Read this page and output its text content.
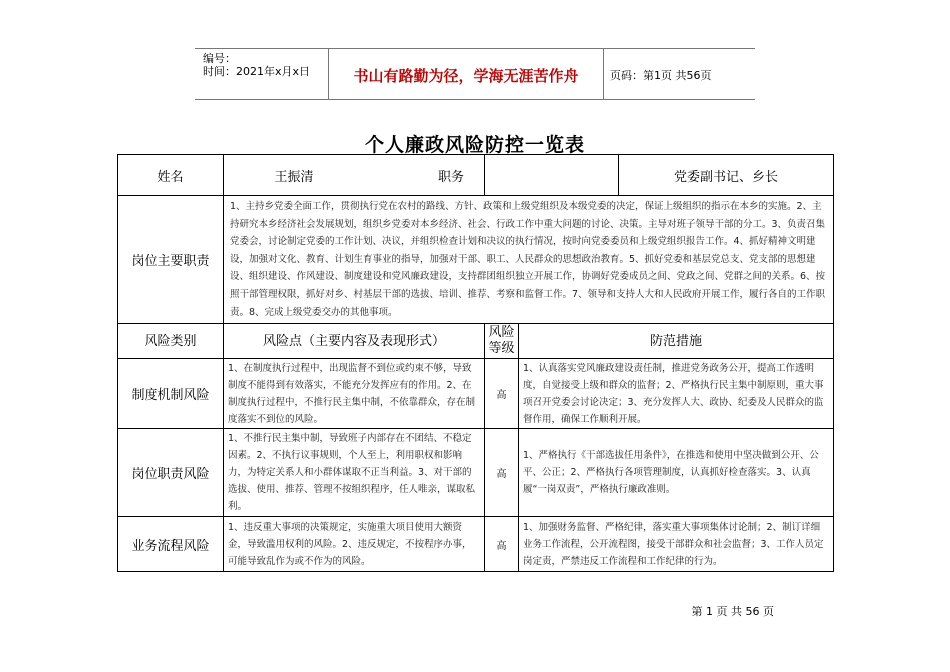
编号：
时间：2021年x月x日	书山有路勤为径，学海无涯苦作舟	页码：第1页 共56页
个人廉政风险防控一览表
姓名	王振清	职务		党委副书记、乡长
岗位主要职责	1、主持乡党委全面工作，贯彻执行党在农村的路线、方针、政策和上级党组织及本级党委的决定，保证上级组织的指示在本乡的实施。2、主持研究本乡经济社会发展规划，组织乡党委对本乡经济、社会、行政工作中重大问题的讨论、决策。主导对班子领导干部的分工。3、负责召集党委会，讨论制定党委的工作计划、决议，并组织检查计划和决议的执行情况，按时向党委委员和上级党组织报告工作。4、抓好精神文明建设，加强对文化、教育、计划生育事业的指导，加强对干部、职工、人民群众的思想政治教育。5、抓好党委和基层党总支、党支部的思想建设、组织建设、作风建设、制度建设和党风廉政建设，支持群团组织独立开展工作，协调好党委成员之间、党政之间、党群之间的关系。6、按照干部管理权限，抓好对乡、村基层干部的选拔、培训、推荐、考察和监督工作。7、领导和支持人大和人民政府开展工作，履行各自的工作职责。8、完成上级党委交办的其他事项。			
风险类别	风险点（主要内容及表现形式）	风险等级	防范措施	
制度机制风险	1、在制度执行过程中，出现监督不到位或约束不够，导致制度不能得到有效落实，不能充分发挥应有的作用。2、在制度执行过程中，不推行民主集中制，不依靠群众，存在制度落实不到位的风险。	高	1、认真落实党风廉政建设责任制，推进党务政务公开，提高工作透明度，自觉接受上级和群众的监督；2、严格执行民主集中制原则，重大事项召开党委会讨论决定；3、充分发挥人大、政协、纪委及人民群众的监督作用，确保工作顺利开展。	
岗位职责风险	1、不推行民主集中制，导致班子内部存在不团结、不稳定因素。2、不执行议事规则，个人至上，利用职权和影响力，为特定关系人和小群体谋取不正当利益。3、对干部的选拔、使用、推荐、管理不按组织程序，任人唯亲，谋取私利。	高	1、严格执行《干部选拔任用条件》，在推选和使用中坚决做到公开、公平、公正；2、严格执行各项管理制度，认真抓好检查落实。3、认真履“一岗双责”，严格执行廉政准则。	
业务流程风险	1、违反重大事项的决策规定，实施重大项目使用大额资金，导致滥用权利的风险。2、违反规定，不按程序办事，可能导致乱作为或不作为的风险。	高	1、加强财务监督、严格纪律，落实重大事项集体讨论制；2、制订详细业务工作流程，公开流程图，接受干部群众和社会监督；3、工作人员定岗定责，严禁违反工作流程和工作纪律的行为。	
第 1 页 共 56 页
